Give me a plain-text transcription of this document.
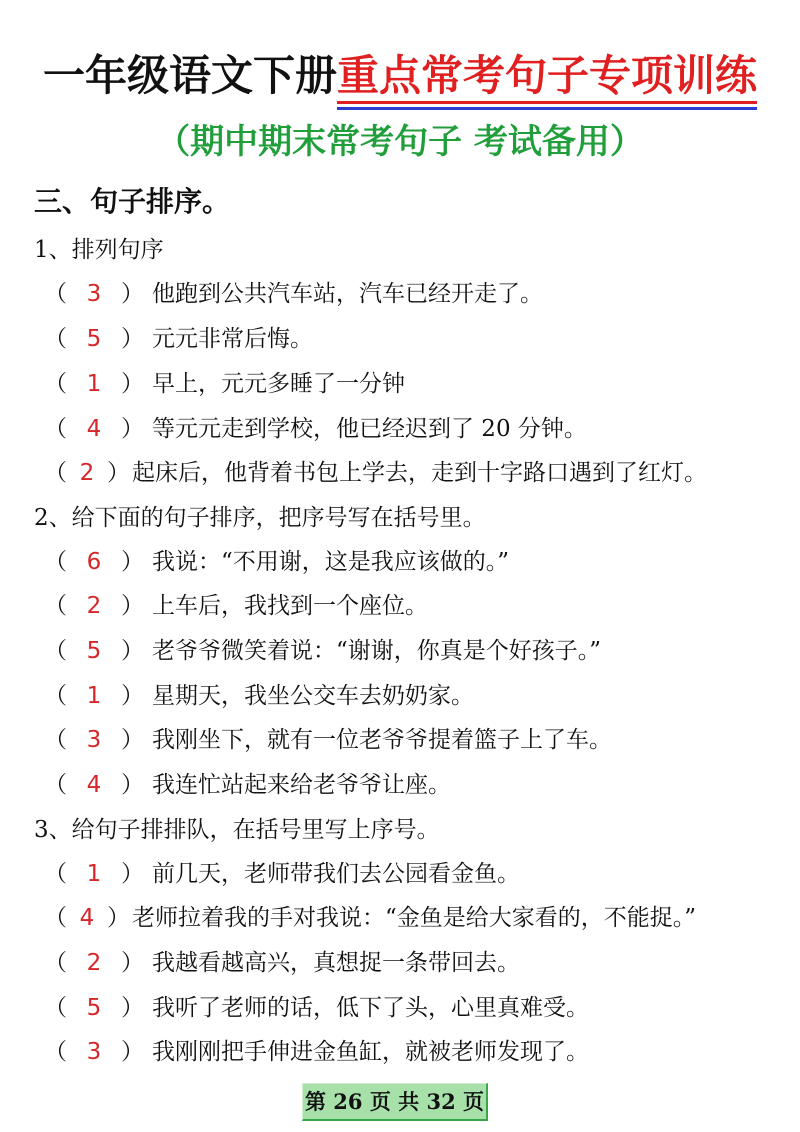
一年级语文下册重点常考句子专项训练
（期中期末常考句子 考试备用）
三、句子排序。
1、排列句序
（ 3 ） 他跑到公共汽车站，汽车已经开走了。
（ 5 ） 元元非常后悔。
（ 1 ） 早上，元元多睡了一分钟
（ 4 ） 等元元走到学校，他已经迟到了 20 分钟。
（ 2 ）起床后，他背着书包上学去，走到十字路口遇到了红灯。
2、给下面的句子排序，把序号写在括号里。
（ 6 ） 我说：“不用谢，这是我应该做的。”
（ 2 ） 上车后，我找到一个座位。
（ 5 ） 老爷爷微笑着说：“谢谢，你真是个好孩子。”
（ 1 ） 星期天，我坐公交车去奶奶家。
（ 3 ） 我刚坐下，就有一位老爷爷提着篮子上了车。
（ 4 ） 我连忙站起来给老爷爷让座。
3、给句子排排队，在括号里写上序号。
（ 1 ） 前几天，老师带我们去公园看金鱼。
（ 4 ）老师拉着我的手对我说：“金鱼是给大家看的，不能捉。”
（ 2 ） 我越看越高兴，真想捉一条带回去。
（ 5 ） 我听了老师的话，低下了头，心里真难受。
（ 3 ） 我刚刚把手伸进金鱼缸，就被老师发现了。
第 26 页 共 32 页
